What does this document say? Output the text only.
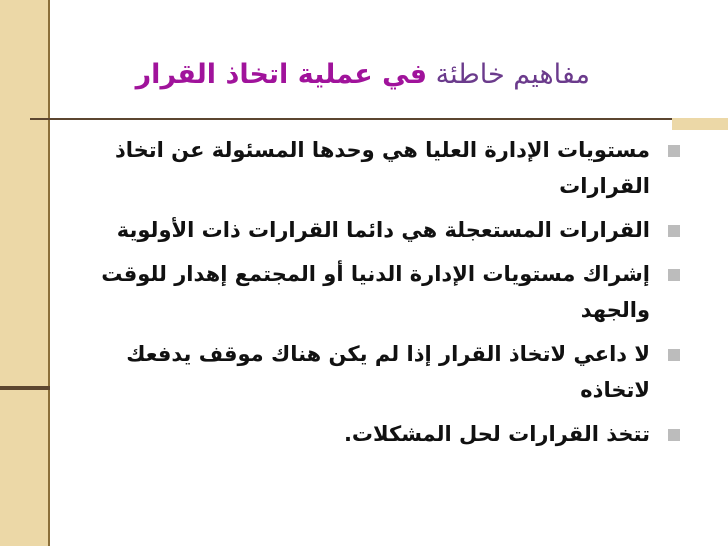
مفاهيم خاطئة في عملية اتخاذ القرار
مستويات الإدارة العليا هي وحدها المسئولة عن اتخاذ القرارات
القرارات المستعجلة هي دائما القرارات ذات الأولوية
إشراك مستويات الإدارة الدنيا أو المجتمع إهدار للوقت والجهد
لا داعي لاتخاذ القرار إذا لم يكن هناك موقف يدفعك لاتخاذه
تتخذ القرارات لحل المشكلات.
